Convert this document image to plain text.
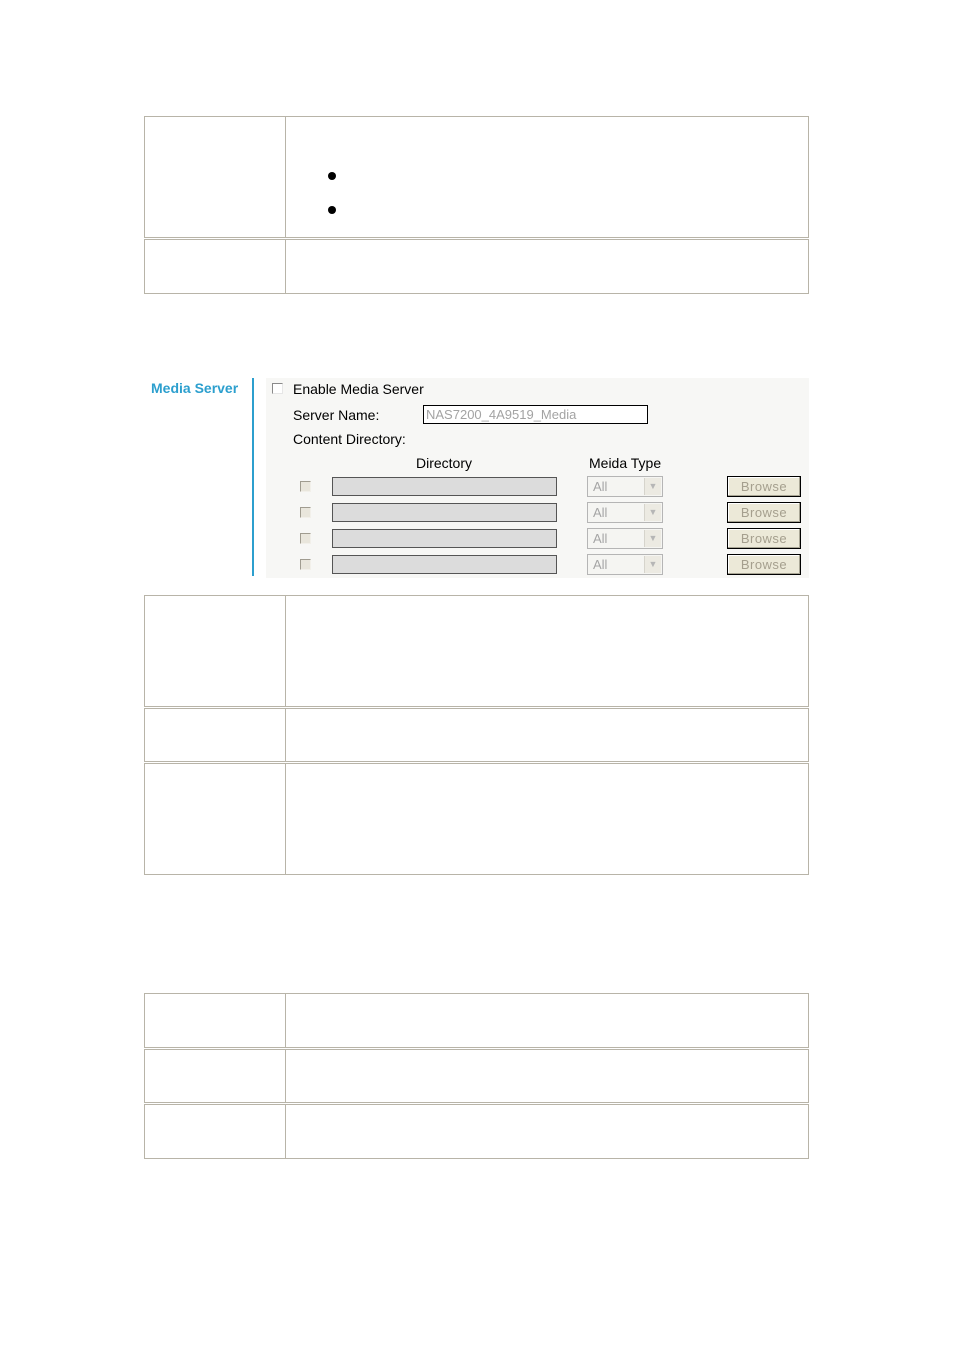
Media Server	Enable Media Server
Server Name:	NAS7200_4A9519_Media
Content Directory:
Directory	Meida Type
All	▼	Browse
All	▼	Browse
All	▼	Browse
All	▼	Browse
